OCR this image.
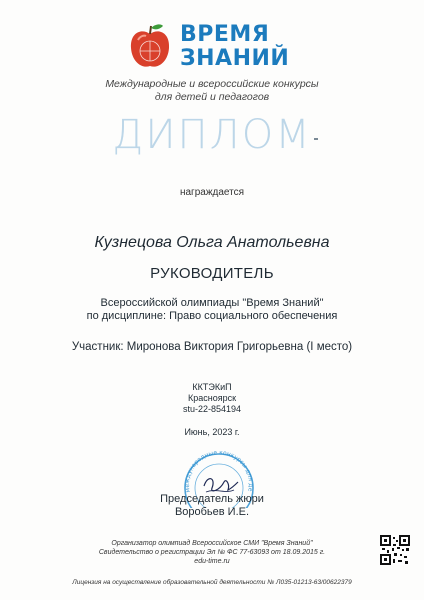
ВРЕМЯ
ЗНАНИЙ
Международные и всероссийские конкурсы
для детей и педагогов
ДИПЛОМ
награждается
Кузнецова Ольга Анатольевна
РУКОВОДИТЕЛЬ
Всероссийской олимпиады "Время Знаний"
по дисциплине: Право социального обеспечения
Участник: Миронова Виктория Григорьевна (I место)
ККТЭКиП
Красноярск
stu-22-854194
Июнь, 2023 г.
международные конкурсы для де
Председатель жюри
Воробьев И.Е.
Организатор олимпиад Всероссийское СМИ "Время Знаний"
Свидетельство о регистрации Эл № ФС 77-63093 от 18.09.2015 г.
edu-time.ru
Лицензия на осуществление образовательной деятельности № Л035-01213-63/00622379
